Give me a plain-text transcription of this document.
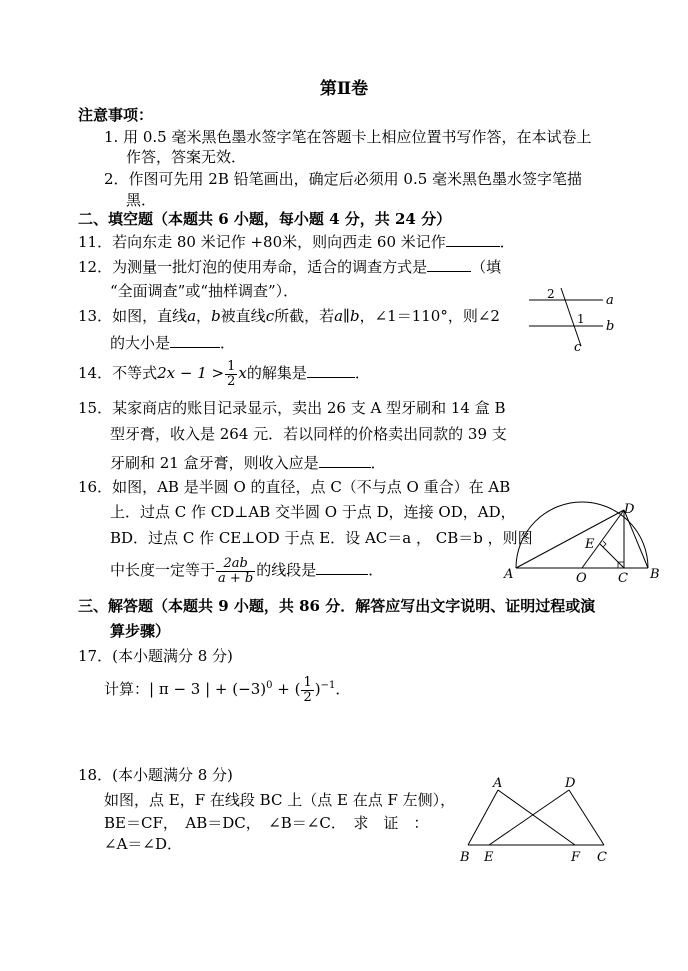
第Ⅱ卷
注意事项：
1. 用 0.5 毫米黑色墨水签字笔在答题卡上相应位置书写作答，在本试卷上
作答，答案无效．
2．作图可先用 2B 铅笔画出，确定后必须用 0.5 毫米黑色墨水签字笔描
黑．
二、填空题（本题共 6 小题，每小题 4 分，共 24 分）
11．若向东走 80 米记作 +80米，则向西走 60 米记作	．
12．为测量一批灯泡的使用寿命，适合的调查方式是	（填
“全面调查”或“抽样调查”）．
13．如图，直线a，b被直线c所截，若a∥b，∠1＝110°，则∠2
的大小是	．
14．不等式$2x - 1 > \frac{1}{2}$ x的解集是	．
15．某家商店的账目记录显示，卖出 26 支 A 型牙刷和 14 盒 B
型牙膏，收入是 264 元．若以同样的价格卖出同款的 39 支
牙刷和 21 盒牙膏，则收入应是	．
16．如图，AB 是半圆 O 的直径，点 C（不与点 O 重合）在 AB
上．过点 C 作 CD⊥AB 交半圆 O 于点 D，连接 OD，AD，
BD．过点 C 作 CE⊥OD 于点 E．设 AC＝a ， CB＝b ，则图
中长度一定等于 $\frac{2ab}{a + b}$ 的线段是	．
三、解答题（本题共 9 小题，共 86 分．解答应写出文字说明、证明过程或演
算步骤）
17．(本小题满分 8 分)
计算：| π − 3 | + $(-3)^0$ + ( $\frac{1}{2} )^{-1}$．
18．(本小题满分 8 分)
如图，点 E，F 在线段 BC 上（点 E 在点 F 左侧），
BE＝CF，　AB＝DC，　∠B＝∠C．　求　证　：
∠A＝∠D．
2
1
a
b
c
D
E
A	O C B
A	D
B E	F C
